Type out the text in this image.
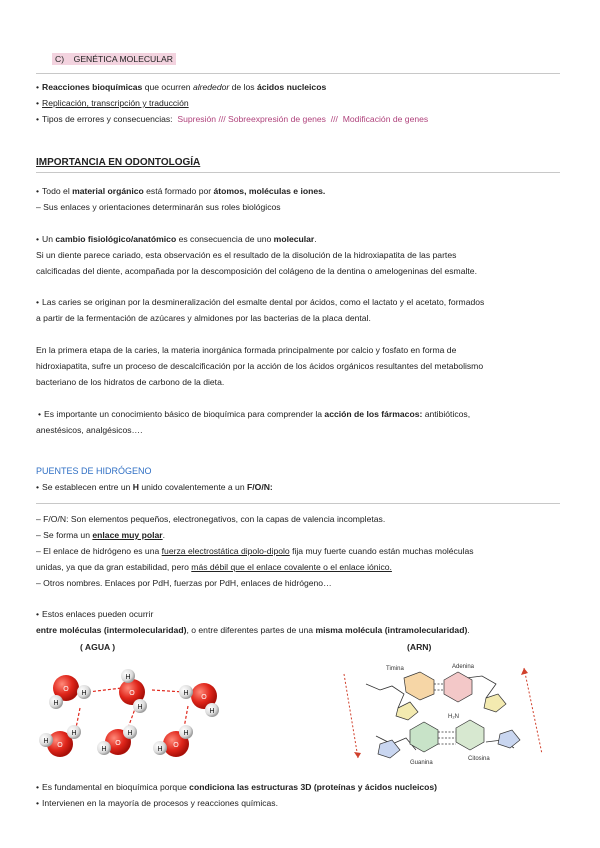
C) GENÉTICA MOLECULAR
• Reacciones bioquímicas que ocurren alrededor de los ácidos nucleicos
• Replicación, transcripción y traducción
• Tipos de errores y consecuencias: Supresión /// Sobreexpresión de genes /// Modificación de genes
IMPORTANCIA EN ODONTOLOGÍA
• Todo el material orgánico está formado por átomos, moléculas e iones.
– Sus enlaces y orientaciones determinarán sus roles biológicos
• Un cambio fisiológico/anatómico es consecuencia de uno molecular.
Si un diente parece cariado, esta observación es el resultado de la disolución de la hidroxiapatita de las partes
calcificadas del diente, acompañada por la descomposición del colágeno de la dentina o amelogeninas del esmalte.
• Las caries se originan por la desmineralización del esmalte dental por ácidos, como el lactato y el acetato, formados
a partir de la fermentación de azúcares y almidones por las bacterias de la placa dental.
En la primera etapa de la caries, la materia inorgánica formada principalmente por calcio y fosfato en forma de
hidroxiapatita, sufre un proceso de descalcificación por la acción de los ácidos orgánicos resultantes del metabolismo
bacteriano de los hidratos de carbono de la dieta.
• Es importante un conocimiento básico de bioquímica para comprender la acción de los fármacos: antibióticos,
anestésicos, analgésicos….
PUENTES DE HIDRÓGENO
• Se establecen entre un H unido covalentemente a un F/O/N:
– F/O/N: Son elementos pequeños, electronegativos, con la capas de valencia incompletas.
– Se forma un enlace muy polar.
– El enlace de hidrógeno es una fuerza electrostática dipolo-dipolo fija muy fuerte cuando están muchas moléculas
unidas, ya que da gran estabilidad, pero más débil que el enlace covalente o el enlace iónico.
– Otros nombres. Enlaces por PdH, fuerzas por PdH, enlaces de hidrógeno…
• Estos enlaces pueden ocurrir
entre moléculas (intermolecularidad), o entre diferentes partes de una misma molécula (intramolecularidad).
( AGUA )	(ARN)
O
H
H
O
H
H
O
H
H
O
H
H
O
H
H
O
H
H
Timina	Adenina
Guanina
Citosina
H₂N
• Es fundamental en bioquímica porque condiciona las estructuras 3D (proteínas y ácidos nucleicos)
• Intervienen en la mayoría de procesos y reacciones químicas.
